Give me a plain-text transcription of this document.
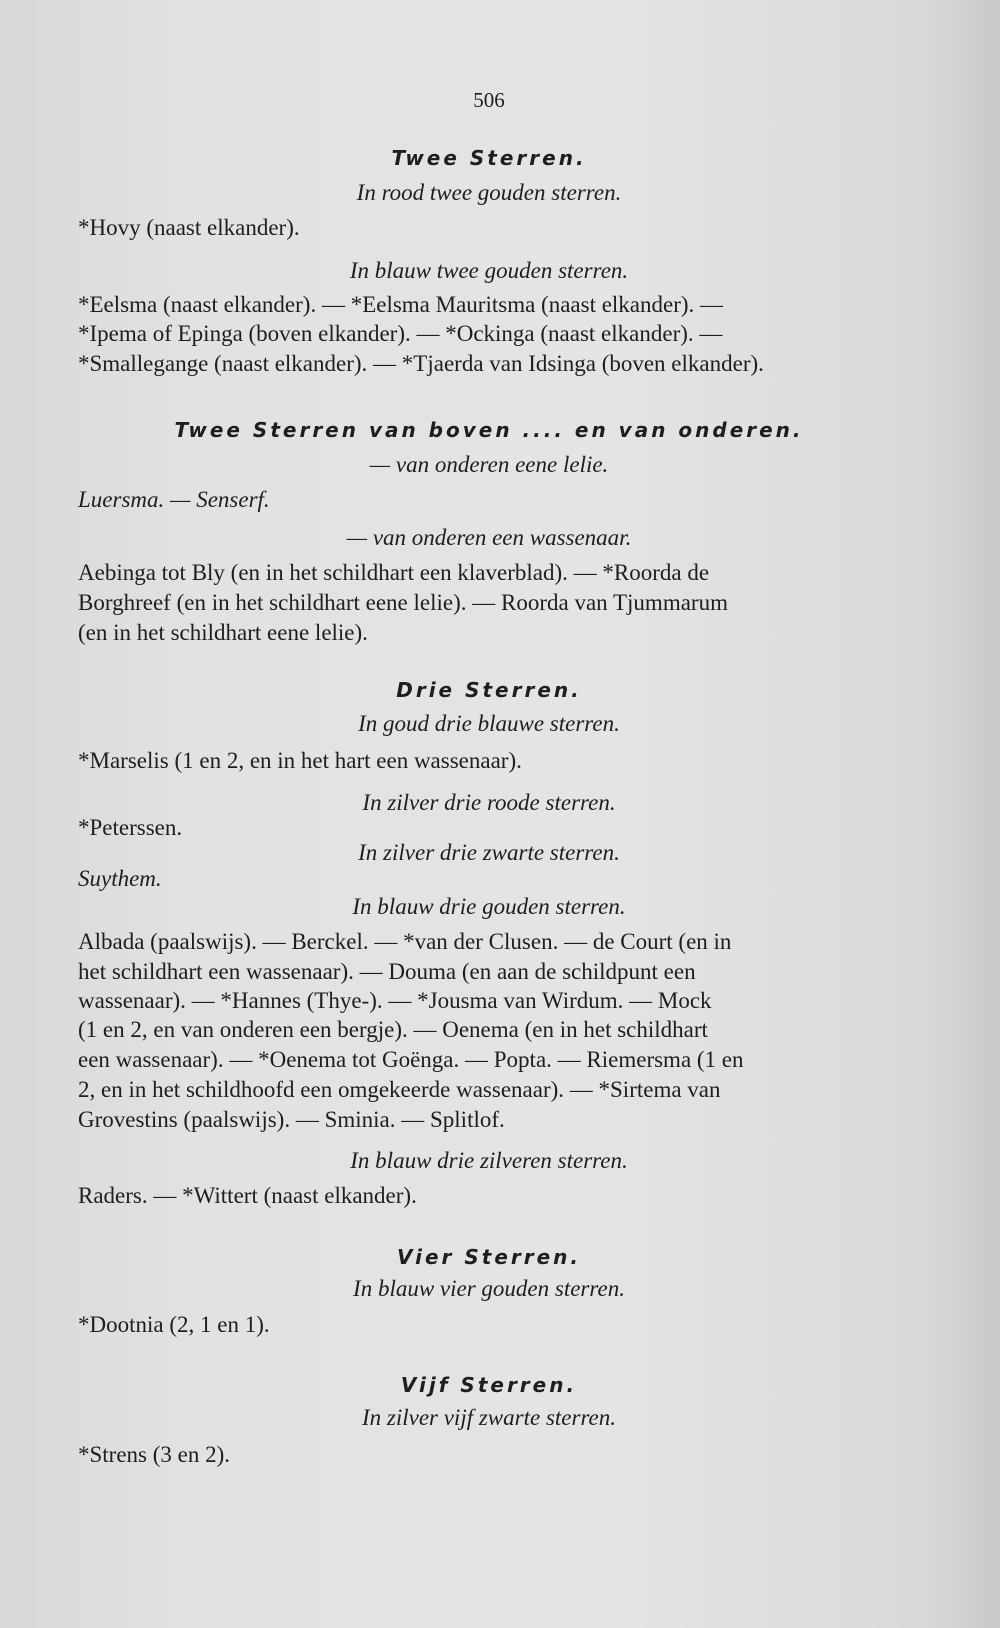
506
Twee Sterren.
In rood twee gouden sterren.
*Hovy (naast elkander).
In blauw twee gouden sterren.
*Eelsma (naast elkander). — *Eelsma Mauritsma (naast elkander). —
*Ipema of Epinga (boven elkander). — *Ockinga (naast elkander). —
*Smallegange (naast elkander). — *Tjaerda van Idsinga (boven elkander).
Twee Sterren van boven .... en van onderen.
— van onderen eene lelie.
Luersma. — Senserf.
— van onderen een wassenaar.
Aebinga tot Bly (en in het schildhart een klaverblad). — *Roorda de
Borghreef (en in het schildhart eene lelie). — Roorda van Tjummarum
(en in het schildhart eene lelie).
Drie Sterren.
In goud drie blauwe sterren.
*Marselis (1 en 2, en in het hart een wassenaar).
In zilver drie roode sterren.
*Peterssen.
In zilver drie zwarte sterren.
Suythem.
In blauw drie gouden sterren.
Albada (paalswijs). — Berckel. — *van der Clusen. — de Court (en in
het schildhart een wassenaar). — Douma (en aan de schildpunt een
wassenaar). — *Hannes (Thye-). — *Jousma van Wirdum. — Mock
(1 en 2, en van onderen een bergje). — Oenema (en in het schildhart
een wassenaar). — *Oenema tot Goënga. — Popta. — Riemersma (1 en
2, en in het schildhoofd een omgekeerde wassenaar). — *Sirtema van
Grovestins (paalswijs). — Sminia. — Splitlof.
In blauw drie zilveren sterren.
Raders. — *Wittert (naast elkander).
Vier Sterren.
In blauw vier gouden sterren.
*Dootnia (2, 1 en 1).
Vijf Sterren.
In zilver vijf zwarte sterren.
*Strens (3 en 2).
